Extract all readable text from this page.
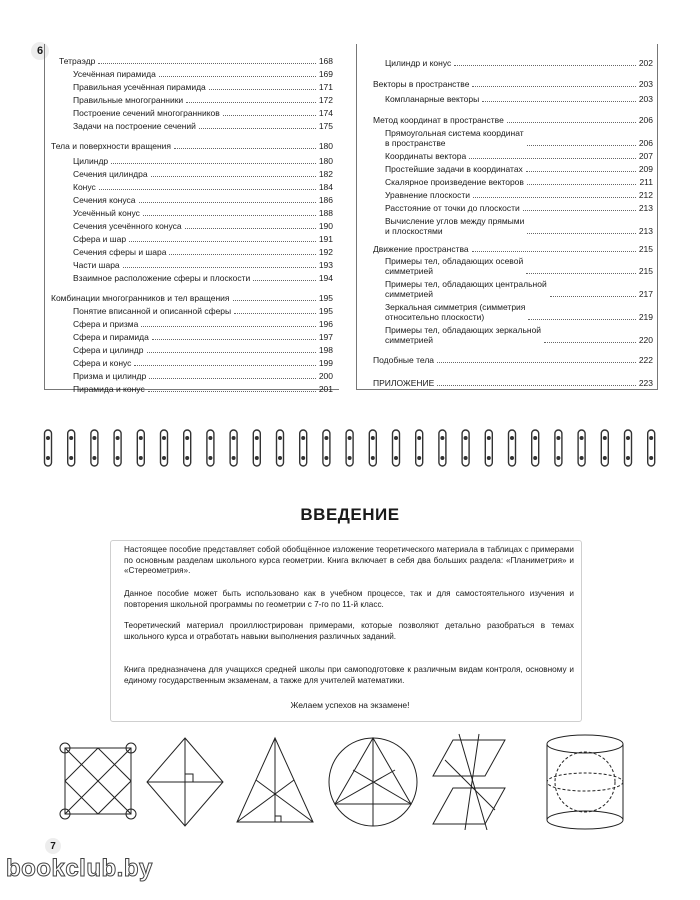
6
Тетраэдр	168
Усечённая пирамида	169
Правильная усечённая пирамида	171
Правильные многогранники	172
Построение сечений многогранников	174
Задачи на построение сечений	175
Тела и поверхности вращения	180
Цилиндр	180
Сечения цилиндра	182
Конус	184
Сечения конуса	186
Усечённый конус	188
Сечения усечённого конуса	190
Сфера и шар	191
Сечения сферы и шара	192
Части шара	193
Взаимное расположение сферы и плоскости	194
Комбинации многогранников и тел вращения	195
Понятие вписанной и описанной сферы	195
Сфера и призма	196
Сфера и пирамида	197
Сфера и цилиндр	198
Сфера и конус	199
Призма и цилиндр	200
Пирамида и конус	201
Цилиндр и конус	202
Векторы в пространстве	203
Компланарные векторы	203
Метод координат в пространстве	206
Прямоугольная система координат
в пространстве	206
Координаты вектора	207
Простейшие задачи в координатах	209
Скалярное произведение векторов	211
Уравнение плоскости	212
Расстояние от точки до плоскости	213
Вычисление углов между прямыми
и плоскостями	213
Движение пространства	215
Примеры тел, обладающих осевой
симметрией	215
Примеры тел, обладающих центральной
симметрией	217
Зеркальная симметрия (симметрия
относительно плоскости)	219
Примеры тел, обладающих зеркальной
симметрией	220
Подобные тела	222
ПРИЛОЖЕНИЕ	223
ВВЕДЕНИЕ
Настоящее пособие представляет собой обобщённое изложение теоретического материала в таблицах с примерами по основным разделам школьного курса геометрии. Книга включает в себя два больших раздела: «Планиметрия» и «Стереометрия».
Данное пособие может быть использовано как в учебном процессе, так и для самостоятельного изучения и повторения школьной программы по геометрии с 7-го по 11-й класс.
Теоретический материал проиллюстрирован примерами, которые позволяют детально разобраться в темах школьного курса и отработать навыки выполнения различных заданий.
Книга предназначена для учащихся средней школы при самоподготовке к различным видам контроля, основному и единому государственным экзаменам, а также для учителей математики.
Желаем успехов на экзамене!
7
bookclub.by
